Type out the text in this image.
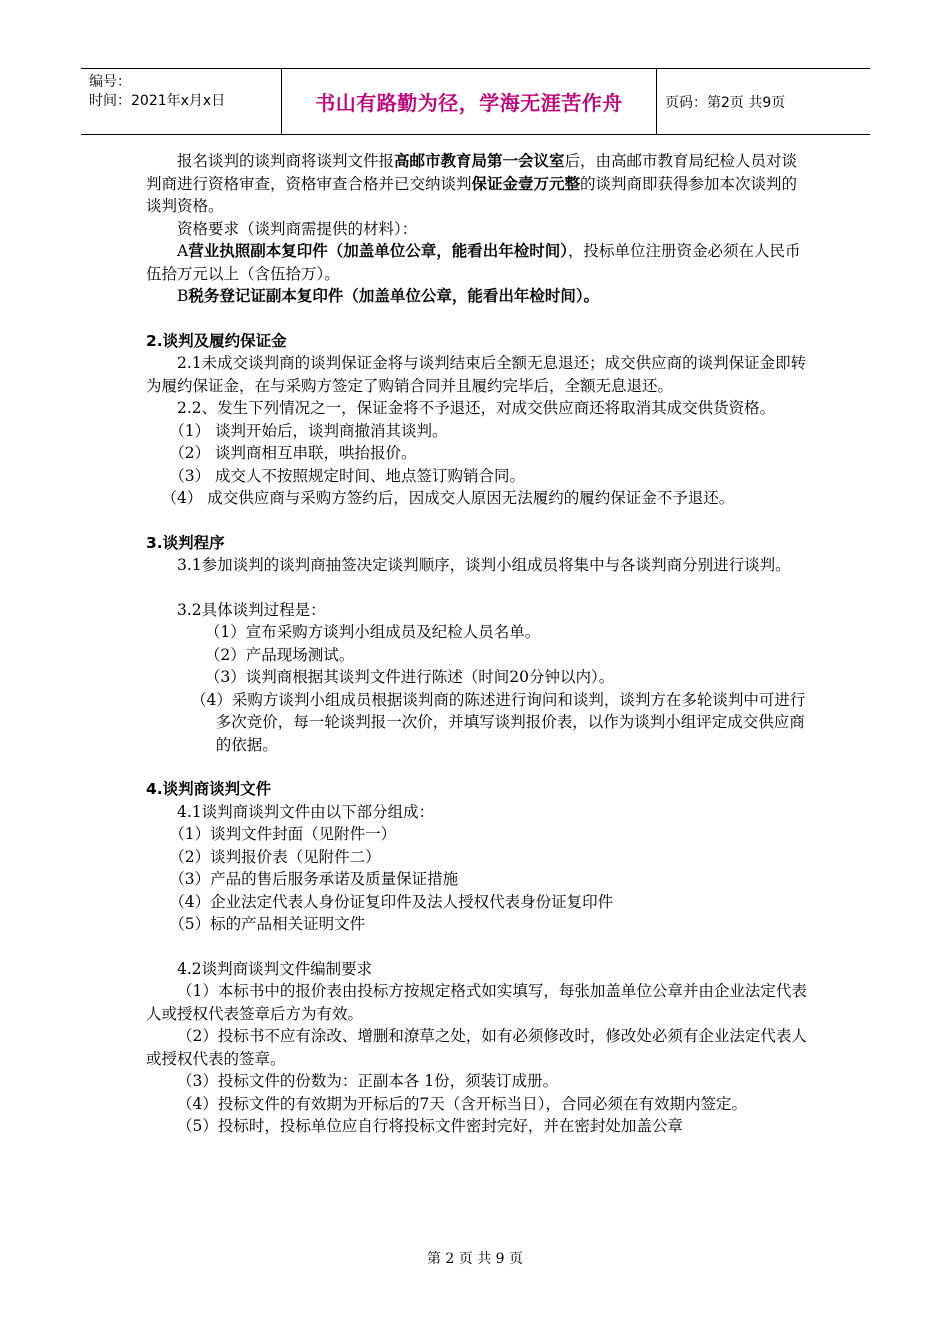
编号：
时间：2021年x月x日	书山有路勤为径，学海无涯苦作舟	页码：第2页 共9页

报名谈判的谈判商将谈判文件报高邮市教育局第一会议室后，由高邮市教育局纪检人员对谈判商进行资格审查，资格审查合格并已交纳谈判保证金壹万元整的谈判商即获得参加本次谈判的谈判资格。

资格要求（谈判商需提供的材料）：

A营业执照副本复印件（加盖单位公章，能看出年检时间），投标单位注册资金必须在人民币伍拾万元以上（含伍拾万）。

B税务登记证副本复印件（加盖单位公章，能看出年检时间）。

2.谈判及履约保证金

2.1未成交谈判商的谈判保证金将与谈判结束后全额无息退还；成交供应商的谈判保证金即转为履约保证金，在与采购方签定了购销合同并且履约完毕后，全额无息退还。

2.2、发生下列情况之一，保证金将不予退还，对成交供应商还将取消其成交供货资格。

（1） 谈判开始后，谈判商撤消其谈判。

（2） 谈判商相互串联，哄抬报价。

（3） 成交人不按照规定时间、地点签订购销合同。

（4） 成交供应商与采购方签约后，因成交人原因无法履约的履约保证金不予退还。

3.谈判程序

3.1参加谈判的谈判商抽签决定谈判顺序，谈判小组成员将集中与各谈判商分别进行谈判。

3.2具体谈判过程是：

（1）宣布采购方谈判小组成员及纪检人员名单。

（2）产品现场测试。

（3）谈判商根据其谈判文件进行陈述（时间20分钟以内）。

（4）采购方谈判小组成员根据谈判商的陈述进行询问和谈判，谈判方在多轮谈判中可进行多次竞价，每一轮谈判报一次价，并填写谈判报价表，以作为谈判小组评定成交供应商的依据。

4.谈判商谈判文件

4.1谈判商谈判文件由以下部分组成：

（1）谈判文件封面（见附件一）

（2）谈判报价表（见附件二）

（3）产品的售后服务承诺及质量保证措施

（4）企业法定代表人身份证复印件及法人授权代表身份证复印件

（5）标的产品相关证明文件

4.2谈判商谈判文件编制要求

（1）本标书中的报价表由投标方按规定格式如实填写，每张加盖单位公章并由企业法定代表人或授权代表签章后方为有效。

（2）投标书不应有涂改、增删和潦草之处，如有必须修改时，修改处必须有企业法定代表人或授权代表的签章。

（3）投标文件的份数为：正副本各 1份，须装订成册。

（4）投标文件的有效期为开标后的7天（含开标当日），合同必须在有效期内签定。

（5）投标时，投标单位应自行将投标文件密封完好，并在密封处加盖公章

第 2 页 共 9 页
